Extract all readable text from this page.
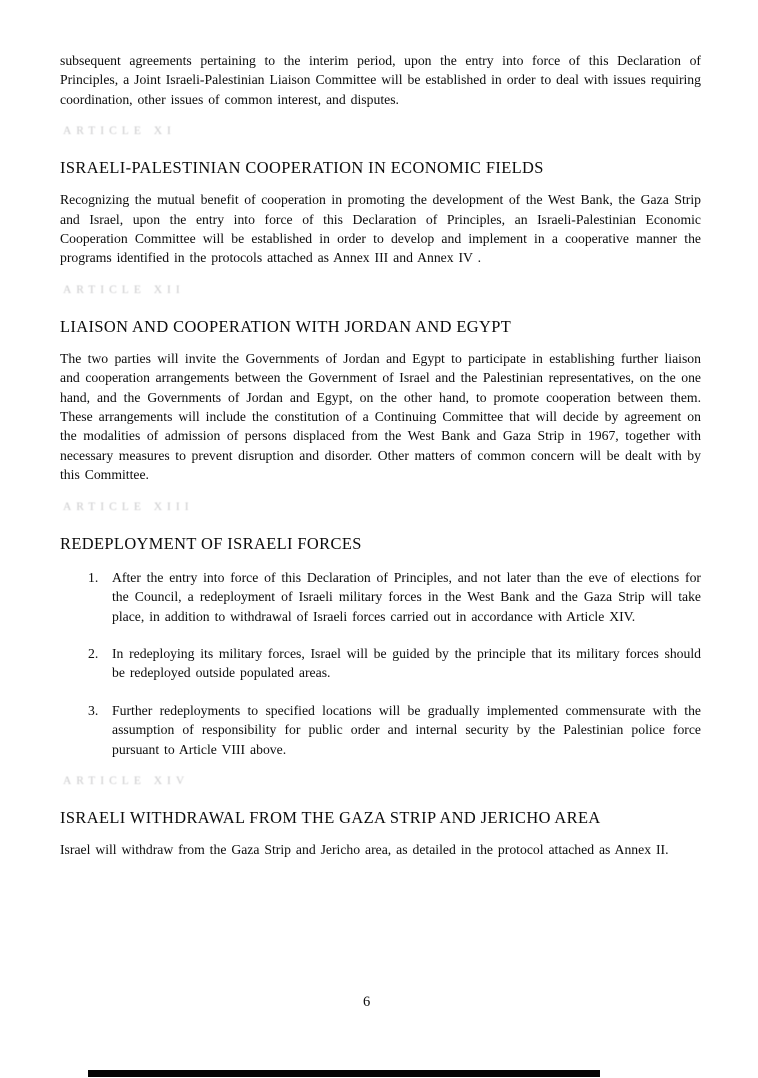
subsequent agreements pertaining to the interim period, upon the entry into force of this Declaration of Principles, a Joint Israeli-Palestinian Liaison Committee will be established in order to deal with issues requiring coordination, other issues of common interest, and disputes.

ARTICLE XI
ISRAELI-PALESTINIAN COOPERATION IN ECONOMIC FIELDS

Recognizing the mutual benefit of cooperation in promoting the development of the West Bank, the Gaza Strip and Israel, upon the entry into force of this Declaration of Principles, an Israeli-Palestinian Economic Cooperation Committee will be established in order to develop and implement in a cooperative manner the programs identified in the protocols attached as Annex III and Annex IV .

ARTICLE XII
LIAISON AND COOPERATION WITH JORDAN AND EGYPT

The two parties will invite the Governments of Jordan and Egypt to participate in establishing further liaison and cooperation arrangements between the Government of Israel and the Palestinian representatives, on the one hand, and the Governments of Jordan and Egypt, on the other hand, to promote cooperation between them. These arrangements will include the constitution of a Continuing Committee that will decide by agreement on the modalities of admission of persons displaced from the West Bank and Gaza Strip in 1967, together with necessary measures to prevent disruption and disorder. Other matters of common concern will be dealt with by this Committee.

ARTICLE XIII
REDEPLOYMENT OF ISRAELI FORCES
1.	After the entry into force of this Declaration of Principles, and not later than the eve of elections for the Council, a redeployment of Israeli military forces in the West Bank and the Gaza Strip will take place, in addition to withdrawal of Israeli forces carried out in accordance with Article XIV.
2.	In redeploying its military forces, Israel will be guided by the principle that its military forces should be redeployed outside populated areas.
3.	Further redeployments to specified locations will be gradually implemented commensurate with the assumption of responsibility for public order and internal security by the Palestinian police force pursuant to Article VIII above.
ARTICLE XIV
ISRAELI WITHDRAWAL FROM THE GAZA STRIP AND JERICHO AREA

Israel will withdraw from the Gaza Strip and Jericho area, as detailed in the protocol attached as Annex II.

6
